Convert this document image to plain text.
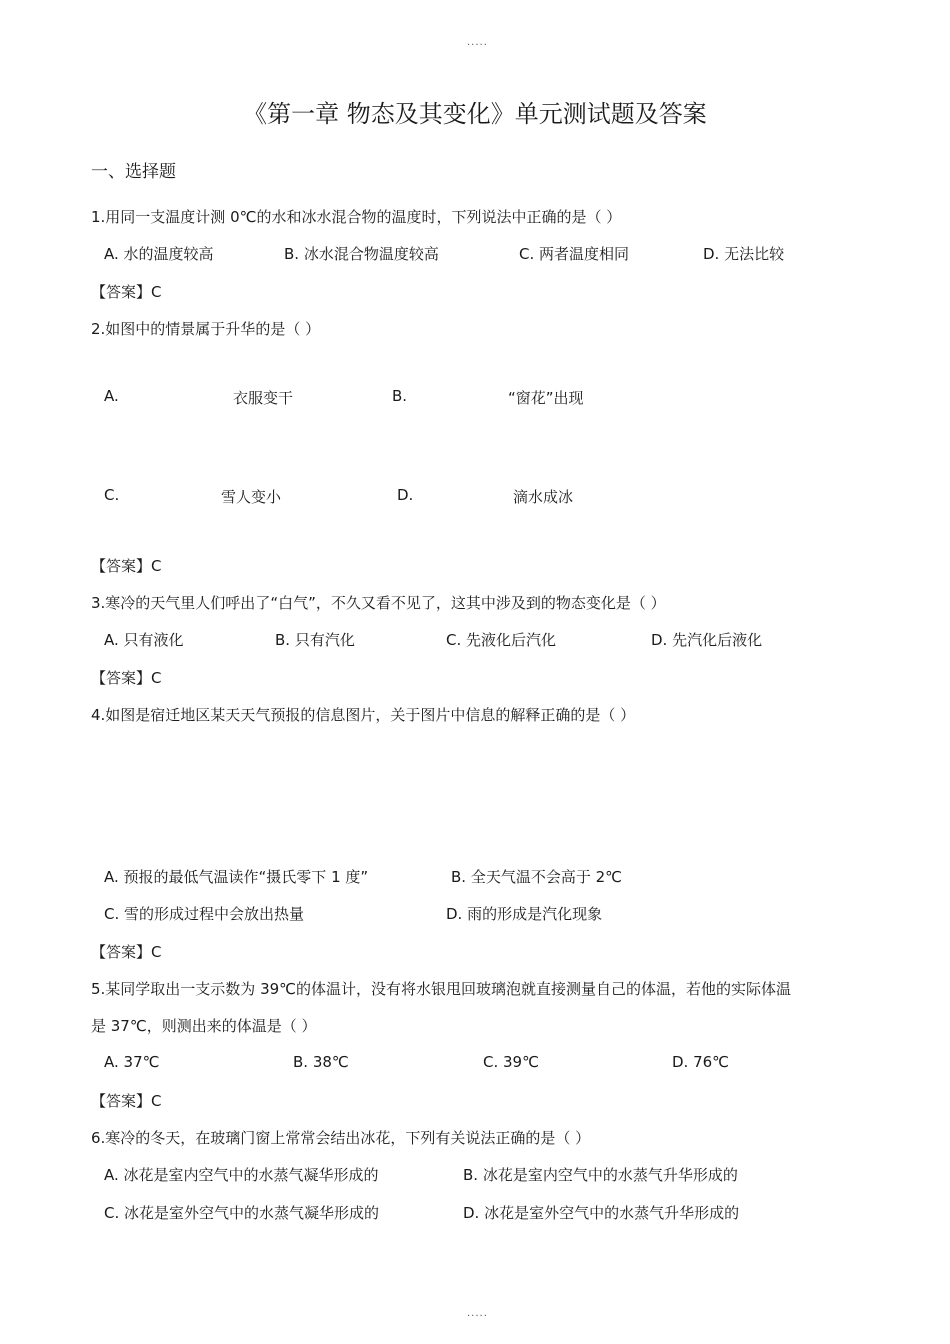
.....
《第一章 物态及其变化》单元测试题及答案
一、选择题
1.用同一支温度计测 0℃的水和冰水混合物的温度时，下列说法中正确的是（ ）
A. 水的温度较高	B. 冰水混合物温度较高	C. 两者温度相同	D. 无法比较
【答案】C
2.如图中的情景属于升华的是（ ）
A.	衣服变干	B.	“窗花”出现
C.	雪人变小	D.	滴水成冰
【答案】C
3.寒冷的天气里人们呼出了“白气”，不久又看不见了，这其中涉及到的物态变化是（ ）
A. 只有液化	B. 只有汽化	C. 先液化后汽化	D. 先汽化后液化
【答案】C
4.如图是宿迁地区某天天气预报的信息图片，关于图片中信息的解释正确的是（ ）
A. 预报的最低气温读作“摄氏零下 1 度”	B. 全天气温不会高于 2℃
C. 雪的形成过程中会放出热量	D. 雨的形成是汽化现象
【答案】C
5.某同学取出一支示数为 39℃的体温计，没有将水银甩回玻璃泡就直接测量自己的体温，若他的实际体温
是 37℃，则测出来的体温是（ ）
A. 37℃	B. 38℃	C. 39℃	D. 76℃
【答案】C
6.寒冷的冬天，在玻璃门窗上常常会结出冰花，下列有关说法正确的是（ ）
A. 冰花是室内空气中的水蒸气凝华形成的	B. 冰花是室内空气中的水蒸气升华形成的
C. 冰花是室外空气中的水蒸气凝华形成的	D. 冰花是室外空气中的水蒸气升华形成的
.....
